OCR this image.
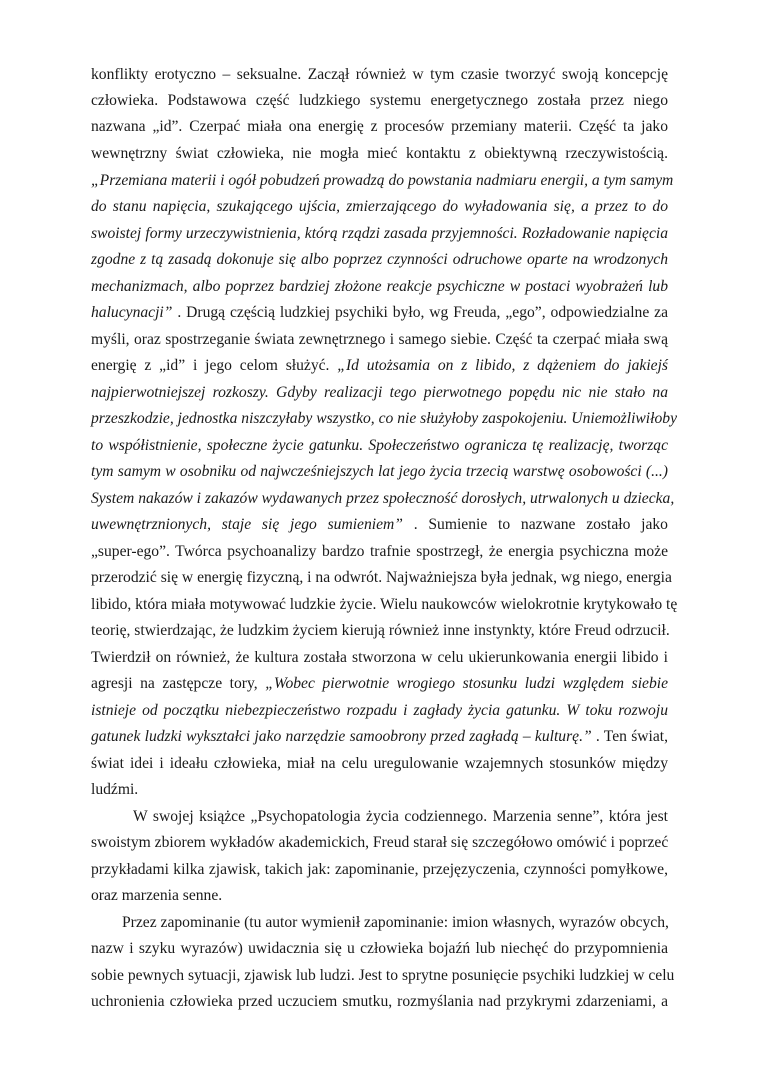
konflikty erotyczno – seksualne. Zaczął również w tym czasie tworzyć swoją koncepcję
człowieka. Podstawowa część ludzkiego systemu energetycznego została przez niego
nazwana „id”. Czerpać miała ona energię z procesów przemiany materii. Część ta jako
wewnętrzny świat człowieka, nie mogła mieć kontaktu z obiektywną rzeczywistością.
„Przemiana materii i ogół pobudzeń prowadzą do powstania nadmiaru energii, a tym samym
do stanu napięcia, szukającego ujścia, zmierzającego do wyładowania się, a przez to do
swoistej formy urzeczywistnienia, którą rządzi zasada przyjemności. Rozładowanie napięcia
zgodne z tą zasadą dokonuje się albo poprzez czynności odruchowe oparte na wrodzonych
mechanizmach, albo poprzez bardziej złożone reakcje psychiczne w postaci wyobrażeń lub
halucynacji” . Drugą częścią ludzkiej psychiki było, wg Freuda, „ego”, odpowiedzialne za
myśli, oraz spostrzeganie świata zewnętrznego i samego siebie. Część ta czerpać miała swą
energię z „id” i jego celom służyć. „Id utożsamia on z libido, z dążeniem do jakiejś
najpierwotniejszej rozkoszy. Gdyby realizacji tego pierwotnego popędu nic nie stało na
przeszkodzie, jednostka niszczyłaby wszystko, co nie służyłoby zaspokojeniu. Uniemożliwiłoby
to współistnienie, społeczne życie gatunku. Społeczeństwo ogranicza tę realizację, tworząc
tym samym w osobniku od najwcześniejszych lat jego życia trzecią warstwę osobowości (...)
System nakazów i zakazów wydawanych przez społeczność dorosłych, utrwalonych u dziecka,
uwewnętrznionych, staje się jego sumieniem” . Sumienie to nazwane zostało jako
„super-ego”. Twórca psychoanalizy bardzo trafnie spostrzegł, że energia psychiczna może
przerodzić się w energię fizyczną, i na odwrót. Najważniejsza była jednak, wg niego, energia
libido, która miała motywować ludzkie życie. Wielu naukowców wielokrotnie krytykowało tę
teorię, stwierdzając, że ludzkim życiem kierują również inne instynkty, które Freud odrzucił.
Twierdził on również, że kultura została stworzona w celu ukierunkowania energii libido i
agresji na zastępcze tory, „Wobec pierwotnie wrogiego stosunku ludzi względem siebie
istnieje od początku niebezpieczeństwo rozpadu i zagłady życia gatunku. W toku rozwoju
gatunek ludzki wykształci jako narzędzie samoobrony przed zagładą – kulturę.” . Ten świat,
świat idei i ideału człowieka, miał na celu uregulowanie wzajemnych stosunków między
ludźmi.
W swojej książce „Psychopatologia życia codziennego. Marzenia senne”, która jest
swoistym zbiorem wykładów akademickich, Freud starał się szczegółowo omówić i poprzeć
przykładami kilka zjawisk, takich jak: zapominanie, przejęzyczenia, czynności pomyłkowe,
oraz marzenia senne.
Przez zapominanie (tu autor wymienił zapominanie: imion własnych, wyrazów obcych,
nazw i szyku wyrazów) uwidacznia się u człowieka bojaźń lub niechęć do przypomnienia
sobie pewnych sytuacji, zjawisk lub ludzi. Jest to sprytne posunięcie psychiki ludzkiej w celu
uchronienia człowieka przed uczuciem smutku, rozmyślania nad przykrymi zdarzeniami, a
